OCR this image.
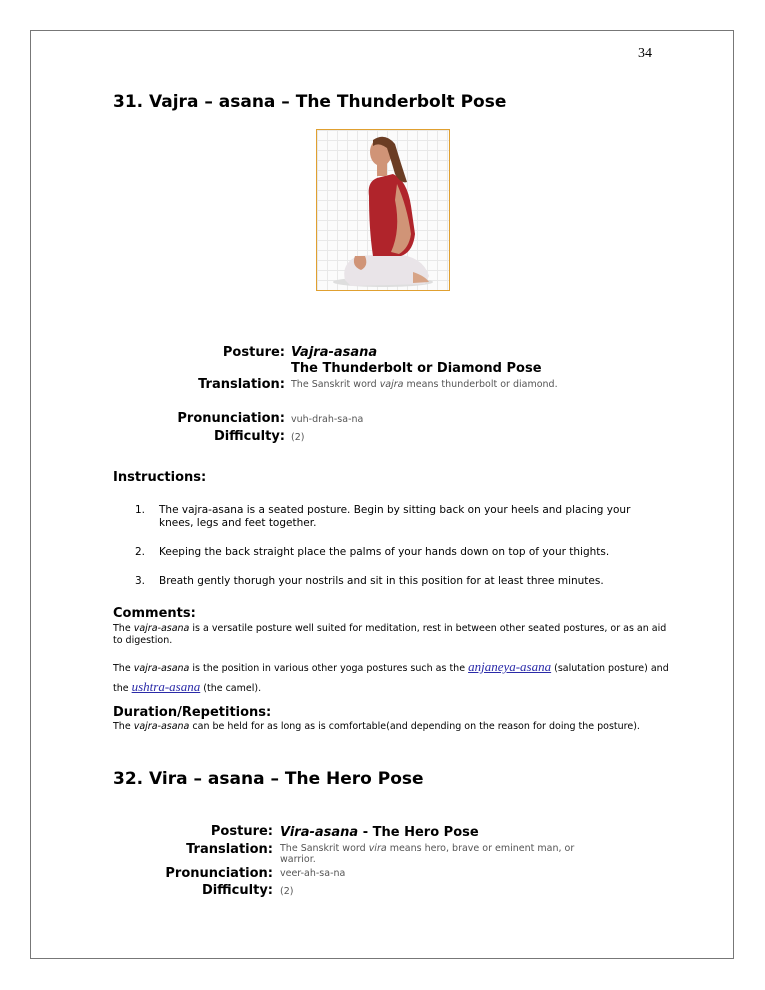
34
31. Vajra – asana – The Thunderbolt Pose
Posture: Vajra-asana
The Thunderbolt or Diamond Pose
Translation: The Sanskrit word vajra means thunderbolt or diamond.
Pronunciation: vuh-drah-sa-na
Difficulty: (2)
Instructions:
1.	The vajra-asana is a seated posture. Begin by sitting back on your heels and placing your knees, legs and feet together.
2.	Keeping the back straight place the palms of your hands down on top of your thights.
3.	Breath gently thorugh your nostrils and sit in this position for at least three minutes.
Comments:
The vajra-asana is a versatile posture well suited for meditation, rest in between other seated postures, or as an aid to digestion.
The vajra-asana is the position in various other yoga postures such as the anjaneya-asana (salutation posture) and the ushtra-asana (the camel).
Duration/Repetitions:
The vajra-asana can be held for as long as is comfortable(and depending on the reason for doing the posture).
32. Vira – asana – The Hero Pose
Posture: Vira-asana - The Hero Pose
Translation: The Sanskrit word vira means hero, brave or eminent man, or warrior.
Pronunciation: veer-ah-sa-na
Difficulty: (2)
